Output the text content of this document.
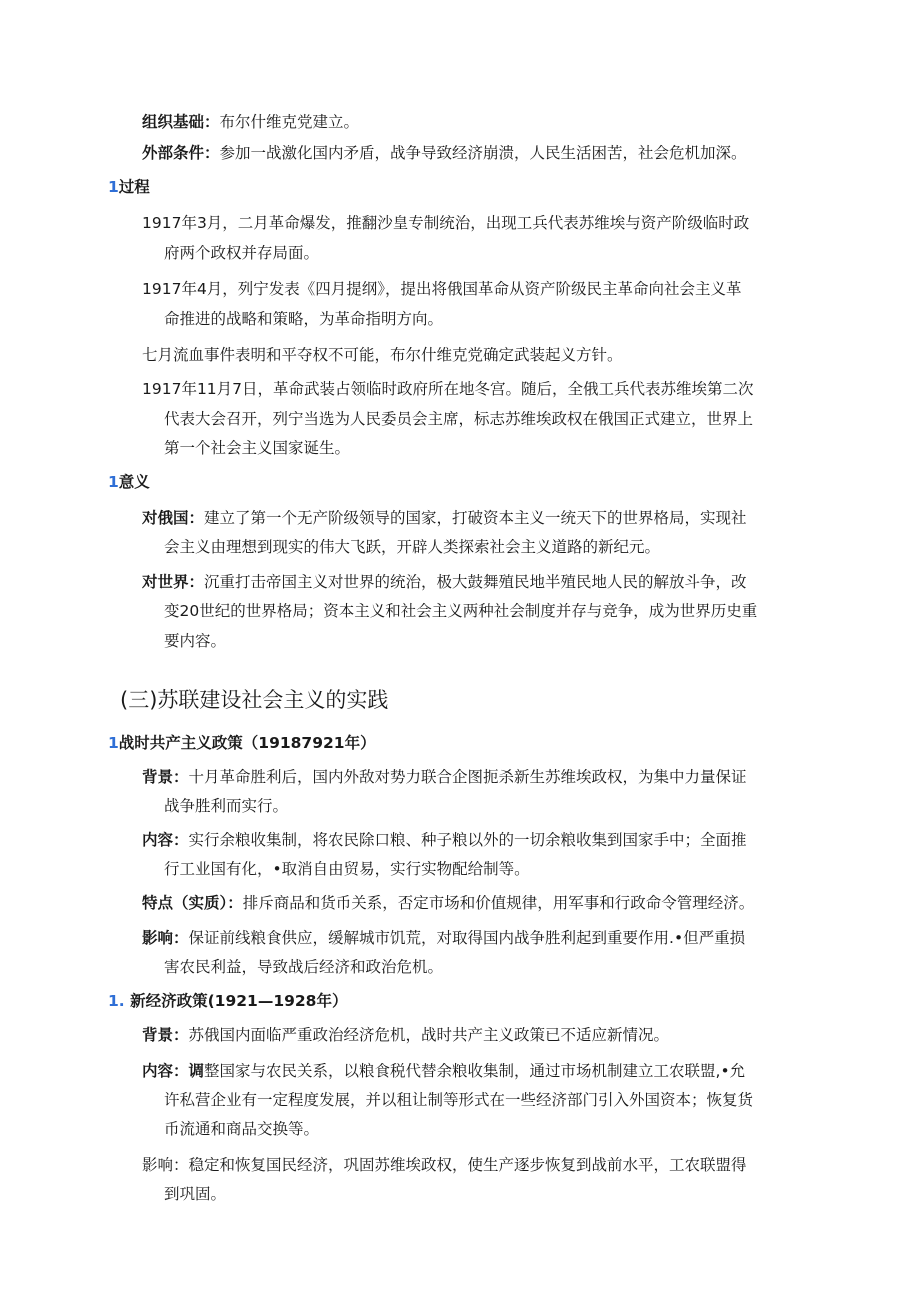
组织基础：布尔什维克党建立。
外部条件：参加一战激化国内矛盾，战争导致经济崩溃，人民生活困苦，社会危机加深。
1过程
1917年3月，二月革命爆发，推翻沙皇专制统治，出现工兵代表苏维埃与资产阶级临时政
府两个政权并存局面。
1917年4月，列宁发表《四月提纲》，提出将俄国革命从资产阶级民主革命向社会主义革
命推进的战略和策略，为革命指明方向。
七月流血事件表明和平夺权不可能，布尔什维克党确定武装起义方针。
1917年11月7日，革命武装占领临时政府所在地冬宫。随后，全俄工兵代表苏维埃第二次
代表大会召开，列宁当选为人民委员会主席，标志苏维埃政权在俄国正式建立，世界上
第一个社会主义国家诞生。
1意义
对俄国：建立了第一个无产阶级领导的国家，打破资本主义一统天下的世界格局，实现社
会主义由理想到现实的伟大飞跃，开辟人类探索社会主义道路的新纪元。
对世界：沉重打击帝国主义对世界的统治，极大鼓舞殖民地半殖民地人民的解放斗争，改
变20世纪的世界格局；资本主义和社会主义两种社会制度并存与竞争，成为世界历史重
要内容。
(三)苏联建设社会主义的实践
1战时共产主义政策（19187921年）
背景：十月革命胜利后，国内外敌对势力联合企图扼杀新生苏维埃政权，为集中力量保证
战争胜利而实行。
内容：实行余粮收集制，将农民除口粮、种子粮以外的一切余粮收集到国家手中；全面推
行工业国有化，•取消自由贸易，实行实物配给制等。
特点（实质）：排斥商品和货币关系，否定市场和价值规律，用军事和行政命令管理经济。
影响：保证前线粮食供应，缓解城市饥荒，对取得国内战争胜利起到重要作用.•但严重损
害农民利益，导致战后经济和政治危机。
1. 新经济政策(1921—1928年）
背景：苏俄国内面临严重政治经济危机，战时共产主义政策已不适应新情况。
内容：调整国家与农民关系，以粮食税代替余粮收集制，通过市场机制建立工农联盟,•允
许私营企业有一定程度发展，并以租让制等形式在一些经济部门引入外国资本；恢复货
币流通和商品交换等。
影响：稳定和恢复国民经济，巩固苏维埃政权，使生产逐步恢复到战前水平，工农联盟得
到巩固。
